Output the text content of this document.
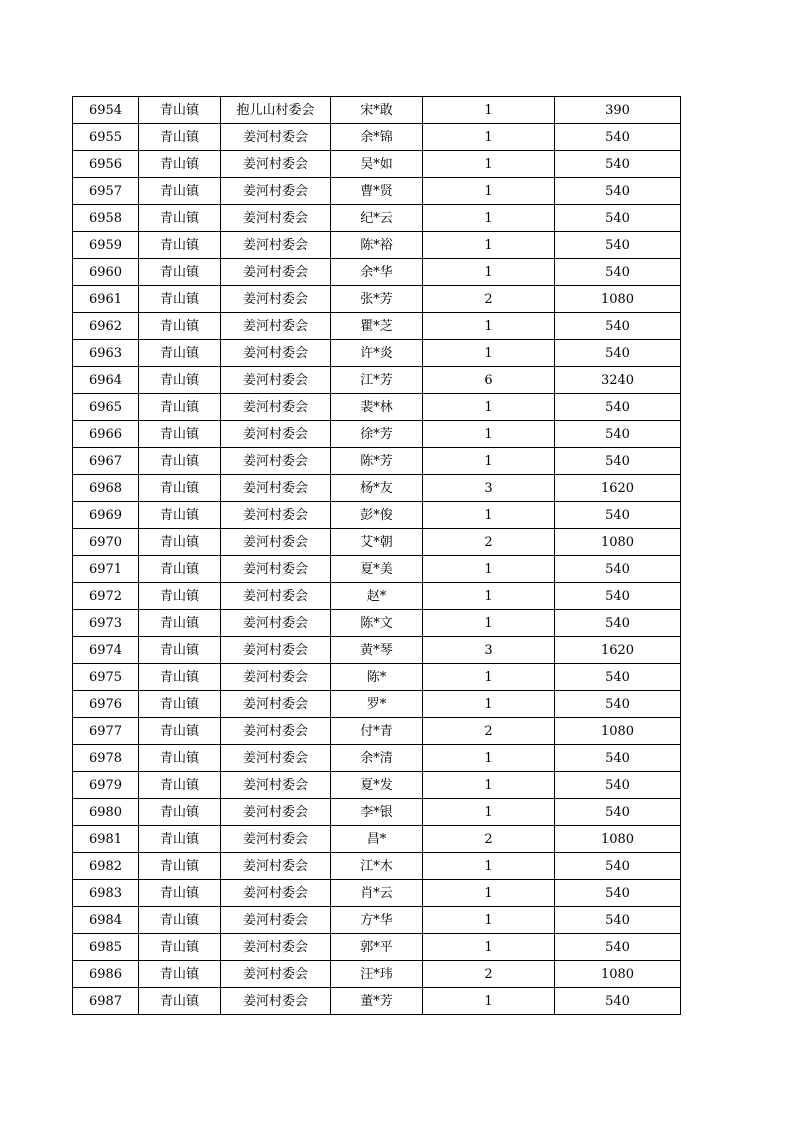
6954	青山镇	抱儿山村委会	宋*敢	1	390
6955	青山镇	姜河村委会	余*锦	1	540
6956	青山镇	姜河村委会	吴*如	1	540
6957	青山镇	姜河村委会	曹*贤	1	540
6958	青山镇	姜河村委会	纪*云	1	540
6959	青山镇	姜河村委会	陈*裕	1	540
6960	青山镇	姜河村委会	余*华	1	540
6961	青山镇	姜河村委会	张*芳	2	1080
6962	青山镇	姜河村委会	瞿*芝	1	540
6963	青山镇	姜河村委会	许*炎	1	540
6964	青山镇	姜河村委会	江*芳	6	3240
6965	青山镇	姜河村委会	裴*林	1	540
6966	青山镇	姜河村委会	徐*芳	1	540
6967	青山镇	姜河村委会	陈*芳	1	540
6968	青山镇	姜河村委会	杨*友	3	1620
6969	青山镇	姜河村委会	彭*俊	1	540
6970	青山镇	姜河村委会	艾*朝	2	1080
6971	青山镇	姜河村委会	夏*美	1	540
6972	青山镇	姜河村委会	赵*	1	540
6973	青山镇	姜河村委会	陈*文	1	540
6974	青山镇	姜河村委会	黄*琴	3	1620
6975	青山镇	姜河村委会	陈*	1	540
6976	青山镇	姜河村委会	罗*	1	540
6977	青山镇	姜河村委会	付*青	2	1080
6978	青山镇	姜河村委会	余*清	1	540
6979	青山镇	姜河村委会	夏*发	1	540
6980	青山镇	姜河村委会	李*银	1	540
6981	青山镇	姜河村委会	昌*	2	1080
6982	青山镇	姜河村委会	江*木	1	540
6983	青山镇	姜河村委会	肖*云	1	540
6984	青山镇	姜河村委会	方*华	1	540
6985	青山镇	姜河村委会	郭*平	1	540
6986	青山镇	姜河村委会	汪*玮	2	1080
6987	青山镇	姜河村委会	董*芳	1	540
